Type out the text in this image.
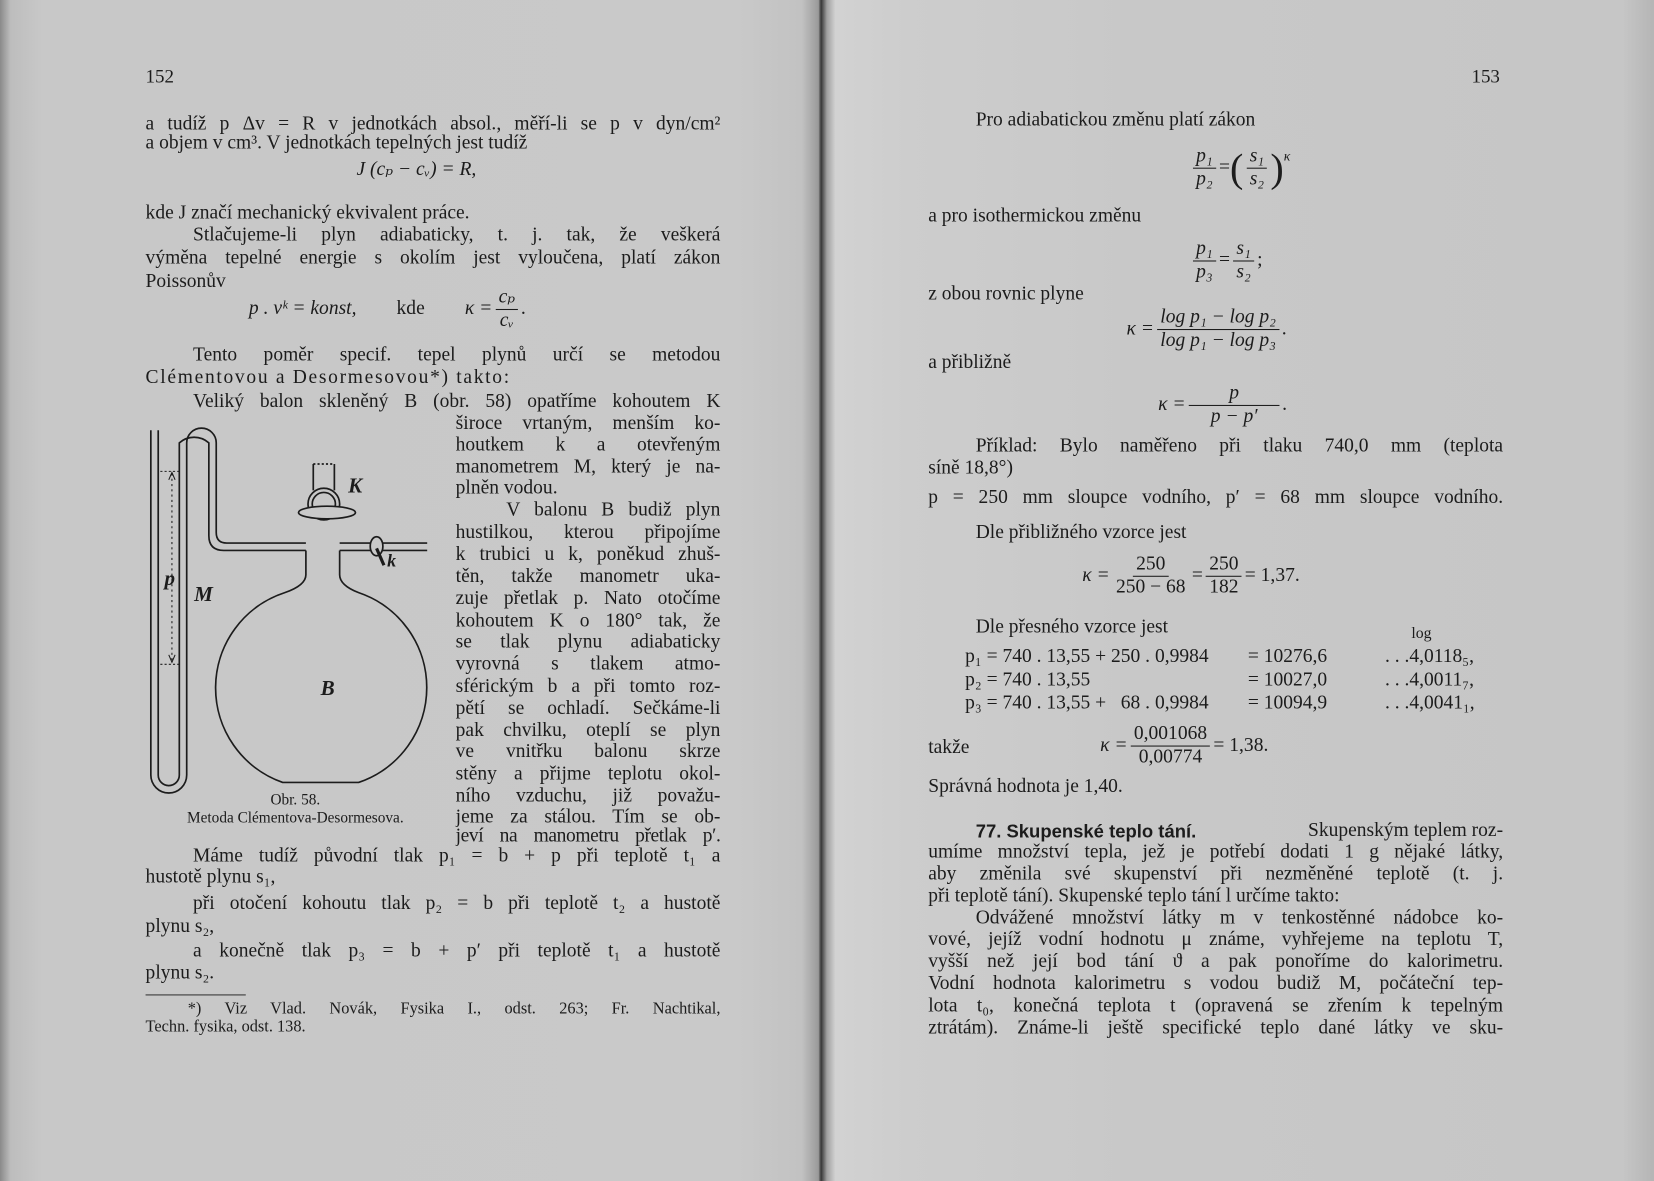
152
a tudíž p Δv = R v jednotkách absol., měří-li se p v dyn/cm²
a objem v cm³. V jednotkách tepelných jest tudíž
J (cₚ − cᵥ) = R,
kde J značí mechanický ekvivalent práce.
Stlačujeme-li plyn adiabaticky, t. j. tak, že veškerá
výměna tepelné energie s okolím jest vyloučena, platí zákon
Poissonův
p . vᵏ = konst, kde $\kappa = \frac{\text{cₚ}}{\text{cᵥ}}$ .
Tento poměr specif. tepel plynů určí se metodou
Clémentovou a Desormesovou*) takto:
Veliký balon skleněný B (obr. 58) opatříme kohoutem K
široce vrtaným, menším ko-
houtkem k a otevřeným
manometrem M, který je na-
plněn vodou.
V balonu B budiž plyn
hustilkou, kterou připojíme
k trubici u k, poněkud zhuš-
těn, takže manometr uka-
zuje přetlak p. Nato otočíme
kohoutem K o 180° tak, že
se tlak plynu adiabaticky
vyrovná s tlakem atmo-
sférickým b a při tomto roz-
pětí se ochladí. Sečkáme-li
pak chvilku, oteplí se plyn
ve vnitřku balonu skrze
stěny a přijme teplotu okol-
ního vzduchu, již považu-
jeme za stálou. Tím se ob-
jeví na manometru přetlak p′.
K
k
p
M
B
Obr. 58.
Metoda Clémentova-Desormesova.
Máme tudíž původní tlak p₁ = b + p při teplotě t₁ a
hustotě plynu s₁,
při otočení kohoutu tlak p₂ = b při teplotě t₂ a hustotě
plynu s₂,
a konečně tlak p₃ = b + p′ při teplotě t₁ a hustotě
plynu s₂.
*) Viz Vlad. Novák, Fysika I., odst. 263; Fr. Nachtikal,
Techn. fysika, odst. 138.
153
Pro adiabatickou změnu platí zákon
$\frac{\text{p₁}}{\text{p₂}}$ = ( $\frac{\text{s₁}}{\text{s₂}}$ ) κ
a pro isothermickou změnu
$\frac{\text{p₁}}{\text{p₃}} = \frac{\text{s₁}}{\text{s₂}}$ ;
z obou rovnic plyne
$\kappa = \frac{\text{log p₁ − log p₂}}{\text{log p₁ − log p₃}}$ .
a přibližně
$\kappa = \frac{p}{p - p'}$ .
Příklad: Bylo naměřeno při tlaku 740,0 mm (teplota
síně 18,8°)
p = 250 mm sloupce vodního, p′ = 68 mm sloupce vodního.
Dle přibližného vzorce jest
$\kappa = \frac{250}{250 - 68} = \frac{250}{182} = 1,37$.
Dle přesného vzorce jest	log
p₁ = 740 . 13,55 + 250 . 0,9984 = 10276,6	. . .4,0118₅,
p₂ = 740 . 13,55	= 10027,0	. . .4,0011₇,
p₃ = 740 . 13,55 +   68 . 0,9984 = 10094,9	. . .4,0041₁,
takže	$\kappa = \frac{0,001068}{0,00774} = 1,38$.
Správná hodnota je 1,40.
77. Skupenské teplo tání.	Skupenským teplem roz-
umíme množství tepla, jež je potřebí dodati 1 g nějaké látky,
aby změnila své skupenství při nezměněné teplotě (t. j.
při teplotě tání). Skupenské teplo tání l určíme takto:
Odvážené množství látky m v tenkostěnné nádobce ko-
vové, jejíž vodní hodnotu μ známe, vyhřejeme na teplotu T,
vyšší než její bod tání ϑ a pak ponoříme do kalorimetru.
Vodní hodnota kalorimetru s vodou budiž M, počáteční tep-
lota t₀, konečná teplota t (opravená se zřením k tepelným
ztrátám). Známe-li ještě specifické teplo dané látky ve sku-
